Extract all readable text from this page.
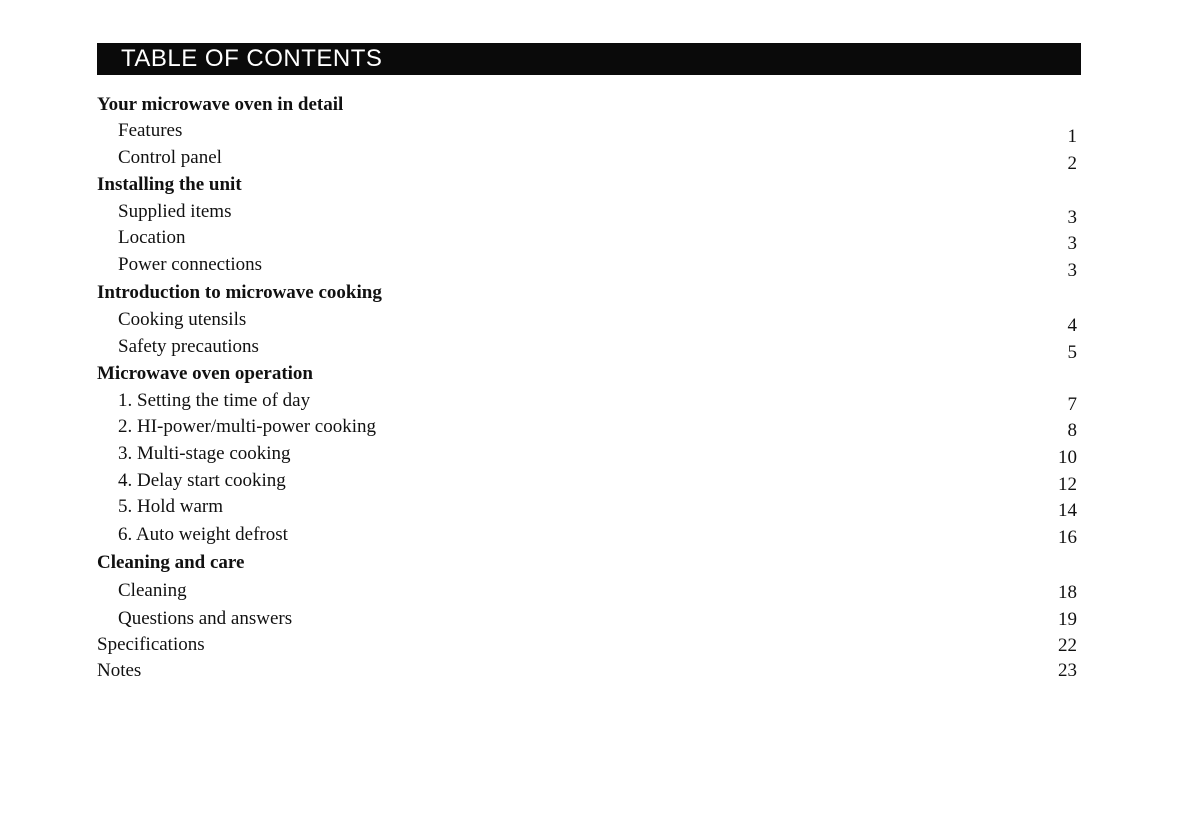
TABLE OF CONTENTS
Your microwave oven in detail
Features	1
Control panel	2
Installing the unit
Supplied items	3
Location	3
Power connections	3
Introduction to microwave cooking
Cooking utensils	4
Safety precautions	5
Microwave oven operation
1. Setting the time of day	7
2. HI-power/multi-power cooking	8
3. Multi-stage cooking	10
4. Delay start cooking	12
5. Hold warm	14
6. Auto weight defrost	16
Cleaning and care
Cleaning	18
Questions and answers	19
Specifications	22
Notes	23
